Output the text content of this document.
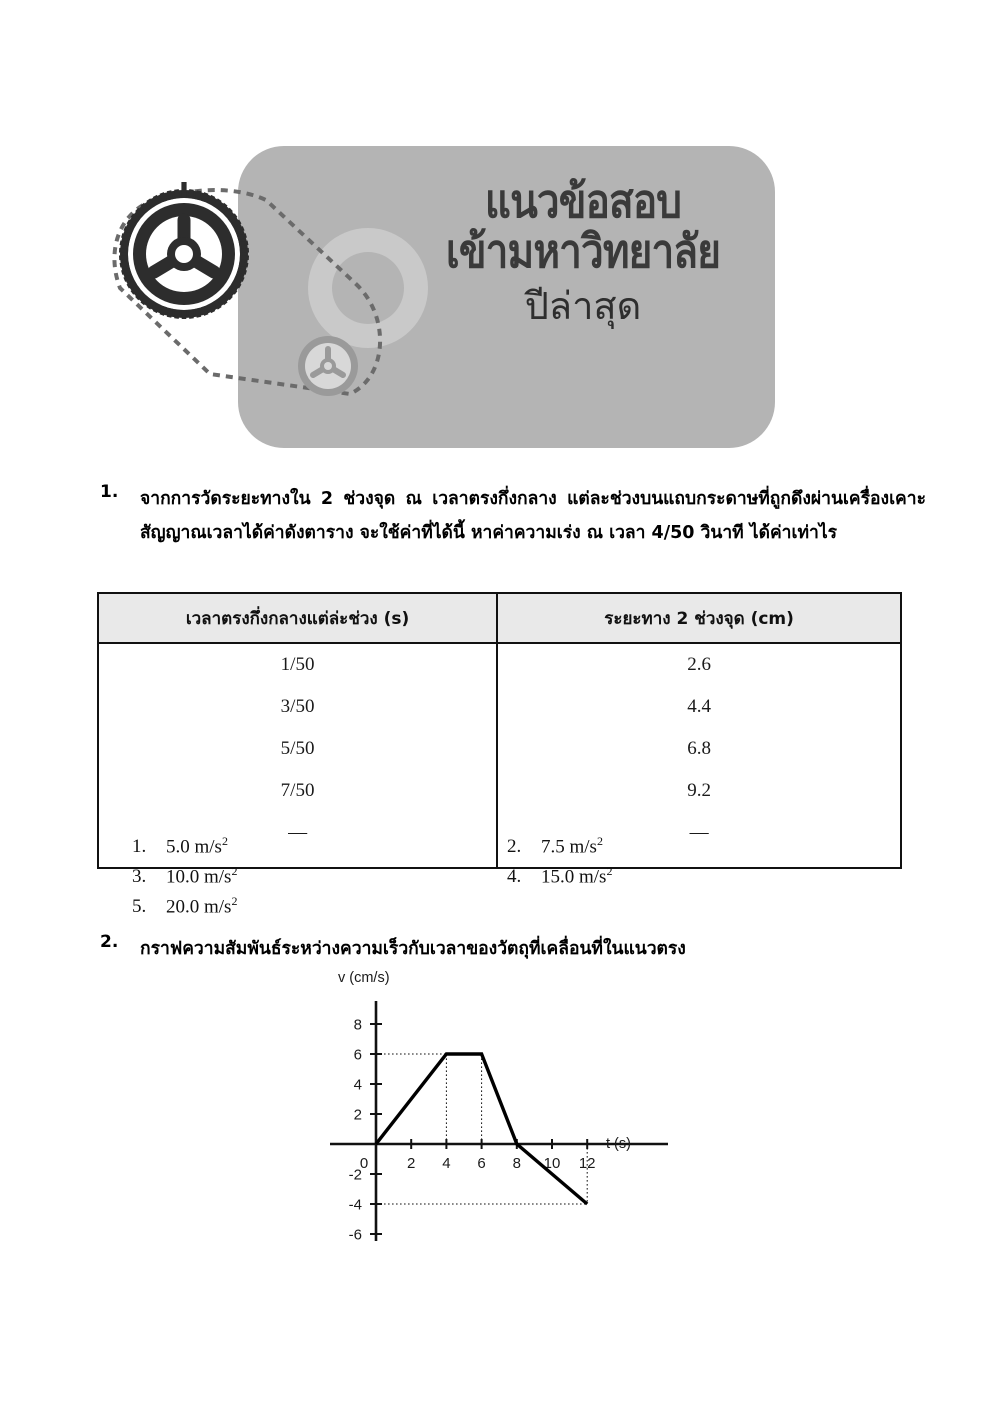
แนวข้อสอบ
เข้ามหาวิทยาลัย
ปีล่าสุด
1.	จากการวัดระยะทางใน 2 ช่วงจุด ณ เวลาตรงกึ่งกลาง แต่ละช่วงบนแถบกระดาษที่ถูกดึงผ่านเครื่องเคาะสัญญาณเวลาได้ค่าดังตาราง จะใช้ค่าที่ได้นี้ หาค่าความเร่ง ณ เวลา 4/50 วินาที ได้ค่าเท่าไร
เวลาตรงกึ่งกลางแต่ล่ะช่วง (s)	ระยะทาง 2 ช่วงจุด (cm)
1/50	2.6
3/50	4.4
5/50	6.8
7/50	9.2
—	—
1. 5.0 $m/s^2$	2. 7.5 $m/s^2$
3. 10.0 $m/s^2$	4. 15.0 $m/s^2$
5. 20.0 $m/s^2$
2.	กราฟความสัมพันธ์ระหว่างความเร็วกับเวลาของวัตถุที่เคลื่อนที่ในแนวตรง
8
6
4
2
-2
-4
-6
2 4 6 8 10 12
0
v (cm/s)
t (s)
